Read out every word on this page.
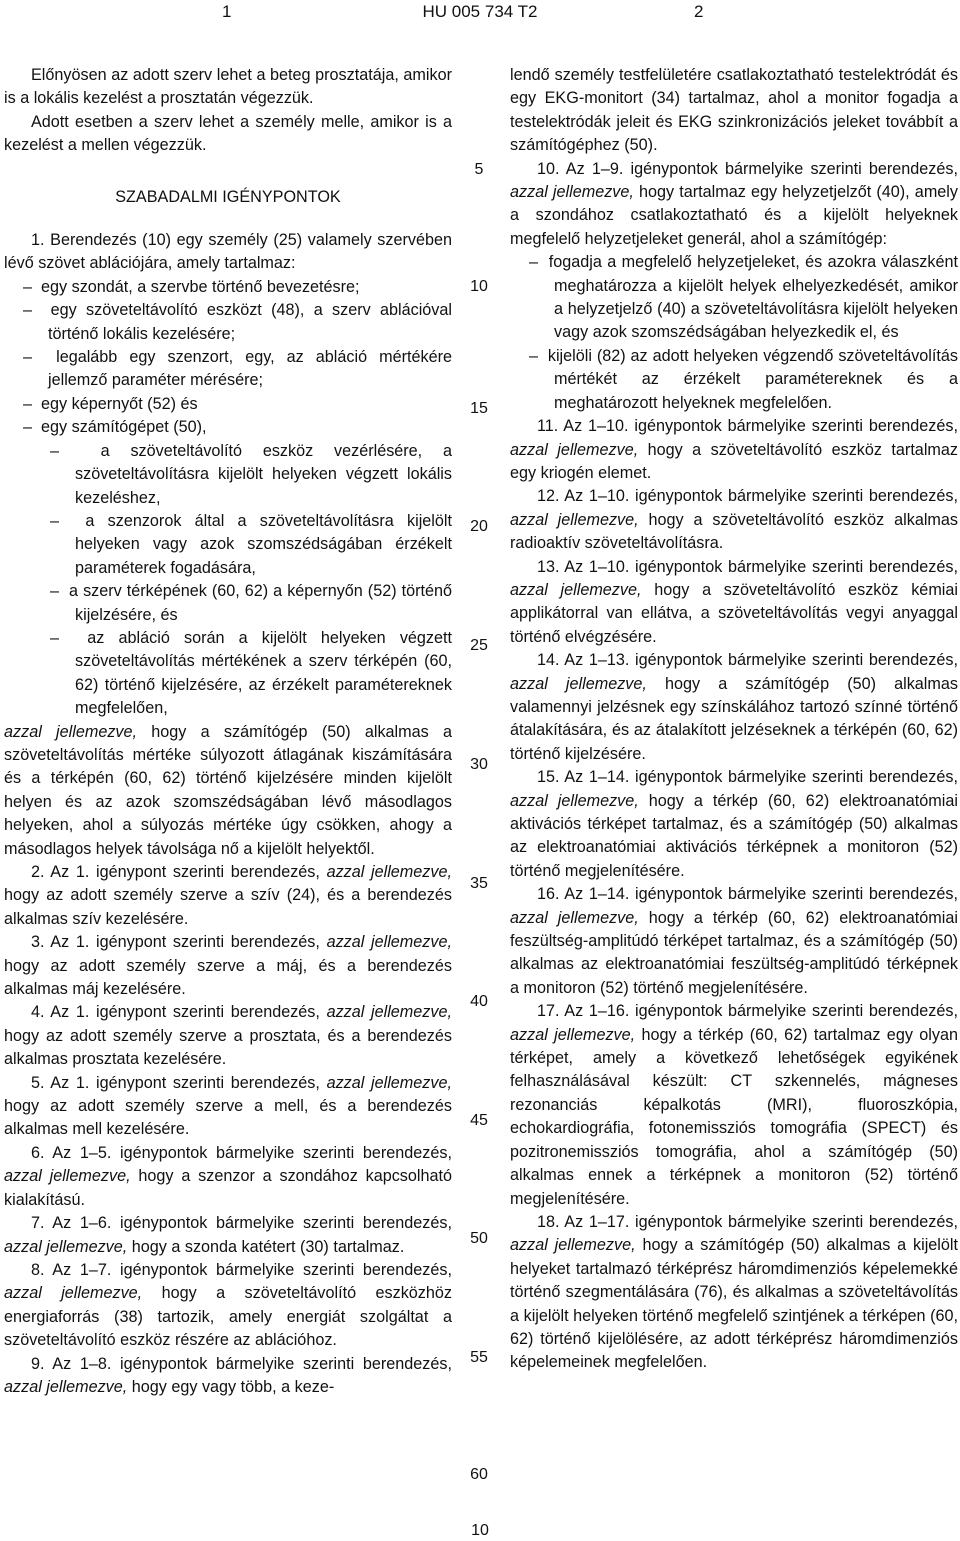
1	HU 005 734 T2	2

Előnyösen az adott szerv lehet a beteg prosztatája, amikor is a lokális kezelést a prosztatán végezzük.

Adott esetben a szerv lehet a személy melle, amikor is a kezelést a mellen végezzük.

SZABADALMI IGÉNYPONTOK

1. Berendezés (10) egy személy (25) valamely szervében lévő szövet ablációjára, amely tartalmaz:

–  egy szondát, a szervbe történő bevezetésre;

–  egy szöveteltávolító eszközt (48), a szerv ablációval történő lokális kezelésére;

–  legalább egy szenzort, egy, az abláció mértékére jellemző paraméter mérésére;

–  egy képernyőt (52) és

–  egy számítógépet (50),

–  a szöveteltávolító eszköz vezérlésére, a szöveteltávolításra kijelölt helyeken végzett lokális kezeléshez,

–  a szenzorok által a szöveteltávolításra kijelölt helyeken vagy azok szomszédságában érzékelt paraméterek fogadására,

–  a szerv térképének (60, 62) a képernyőn (52) történő kijelzésére, és

–  az abláció során a kijelölt helyeken végzett szöveteltávolítás mértékének a szerv térképén (60, 62) történő kijelzésére, az érzékelt paramétereknek megfelelően,

azzal jellemezve, hogy a számítógép (50) alkalmas a szöveteltávolítás mértéke súlyozott átlagának kiszámítására és a térképén (60, 62) történő kijelzésére minden kijelölt helyen és az azok szomszédságában lévő másodlagos helyeken, ahol a súlyozás mértéke úgy csökken, ahogy a másodlagos helyek távolsága nő a kijelölt helyektől.

2. Az 1. igénypont szerinti berendezés, azzal jellemezve, hogy az adott személy szerve a szív (24), és a berendezés alkalmas szív kezelésére.

3. Az 1. igénypont szerinti berendezés, azzal jellemezve, hogy az adott személy szerve a máj, és a berendezés alkalmas máj kezelésére.

4. Az 1. igénypont szerinti berendezés, azzal jellemezve, hogy az adott személy szerve a prosztata, és a berendezés alkalmas prosztata kezelésére.

5. Az 1. igénypont szerinti berendezés, azzal jellemezve, hogy az adott személy szerve a mell, és a berendezés alkalmas mell kezelésére.

6. Az 1–5. igénypontok bármelyike szerinti berendezés, azzal jellemezve, hogy a szenzor a szondához kapcsolható kialakítású.

7. Az 1–6. igénypontok bármelyike szerinti berendezés, azzal jellemezve, hogy a szonda katétert (30) tartalmaz.

8. Az 1–7. igénypontok bármelyike szerinti berendezés, azzal jellemezve, hogy a szöveteltávolító eszközhöz energiaforrás (38) tartozik, amely energiát szolgáltat a szöveteltávolító eszköz részére az ablációhoz.

9. Az 1–8. igénypontok bármelyike szerinti berendezés, azzal jellemezve, hogy egy vagy több, a keze-

lendő személy testfelületére csatlakoztatható testelektródát és egy EKG-monitort (34) tartalmaz, ahol a monitor fogadja a testelektródák jeleit és EKG szinkronizációs jeleket továbbít a számítógéphez (50).

10. Az 1–9. igénypontok bármelyike szerinti berendezés, azzal jellemezve, hogy tartalmaz egy helyzetjelzőt (40), amely a szondához csatlakoztatható és a kijelölt helyeknek megfelelő helyzetjeleket generál, ahol a számítógép:

–  fogadja a megfelelő helyzetjeleket, és azokra válaszként meghatározza a kijelölt helyek elhelyezkedését, amikor a helyzetjelző (40) a szöveteltávolításra kijelölt helyeken vagy azok szomszédságában helyezkedik el, és

–  kijelöli (82) az adott helyeken végzendő szöveteltávolítás mértékét az érzékelt paramétereknek és a meghatározott helyeknek megfelelően.

11. Az 1–10. igénypontok bármelyike szerinti berendezés, azzal jellemezve, hogy a szöveteltávolító eszköz tartalmaz egy kriogén elemet.

12. Az 1–10. igénypontok bármelyike szerinti berendezés, azzal jellemezve, hogy a szöveteltávolító eszköz alkalmas radioaktív szöveteltávolításra.

13. Az 1–10. igénypontok bármelyike szerinti berendezés, azzal jellemezve, hogy a szöveteltávolító eszköz kémiai applikátorral van ellátva, a szöveteltávolítás vegyi anyaggal történő elvégzésére.

14. Az 1–13. igénypontok bármelyike szerinti berendezés, azzal jellemezve, hogy a számítógép (50) alkalmas valamennyi jelzésnek egy színskálához tartozó színné történő átalakítására, és az átalakított jelzéseknek a térképén (60, 62) történő kijelzésére.

15. Az 1–14. igénypontok bármelyike szerinti berendezés, azzal jellemezve, hogy a térkép (60, 62) elektroanatómiai aktivációs térképet tartalmaz, és a számítógép (50) alkalmas az elektroanatómiai aktivációs térképnek a monitoron (52) történő megjelenítésére.

16. Az 1–14. igénypontok bármelyike szerinti berendezés, azzal jellemezve, hogy a térkép (60, 62) elektroanatómiai feszültség-amplitúdó térképet tartalmaz, és a számítógép (50) alkalmas az elektroanatómiai feszültség-amplitúdó térképnek a monitoron (52) történő megjelenítésére.

17. Az 1–16. igénypontok bármelyike szerinti berendezés, azzal jellemezve, hogy a térkép (60, 62) tartalmaz egy olyan térképet, amely a következő lehetőségek egyikének felhasználásával készült: CT szkennelés, mágneses rezonanciás képalkotás (MRI), fluoroszkópia, echokardiográfia, fotonemissziós tomográfia (SPECT) és pozitronemissziós tomográfia, ahol a számítógép (50) alkalmas ennek a térképnek a monitoron (52) történő megjelenítésére.

18. Az 1–17. igénypontok bármelyike szerinti berendezés, azzal jellemezve, hogy a számítógép (50) alkalmas a kijelölt helyeket tartalmazó térképrész háromdimenziós képelemekké történő szegmentálására (76), és alkalmas a szöveteltávolítás a kijelölt helyeken történő megfelelő szintjének a térképen (60, 62) történő kijelölésére, az adott térképrész háromdimenziós képelemeinek megfelelően.

5
10
15
20
25
30
35
40
45
50
55
60
10
